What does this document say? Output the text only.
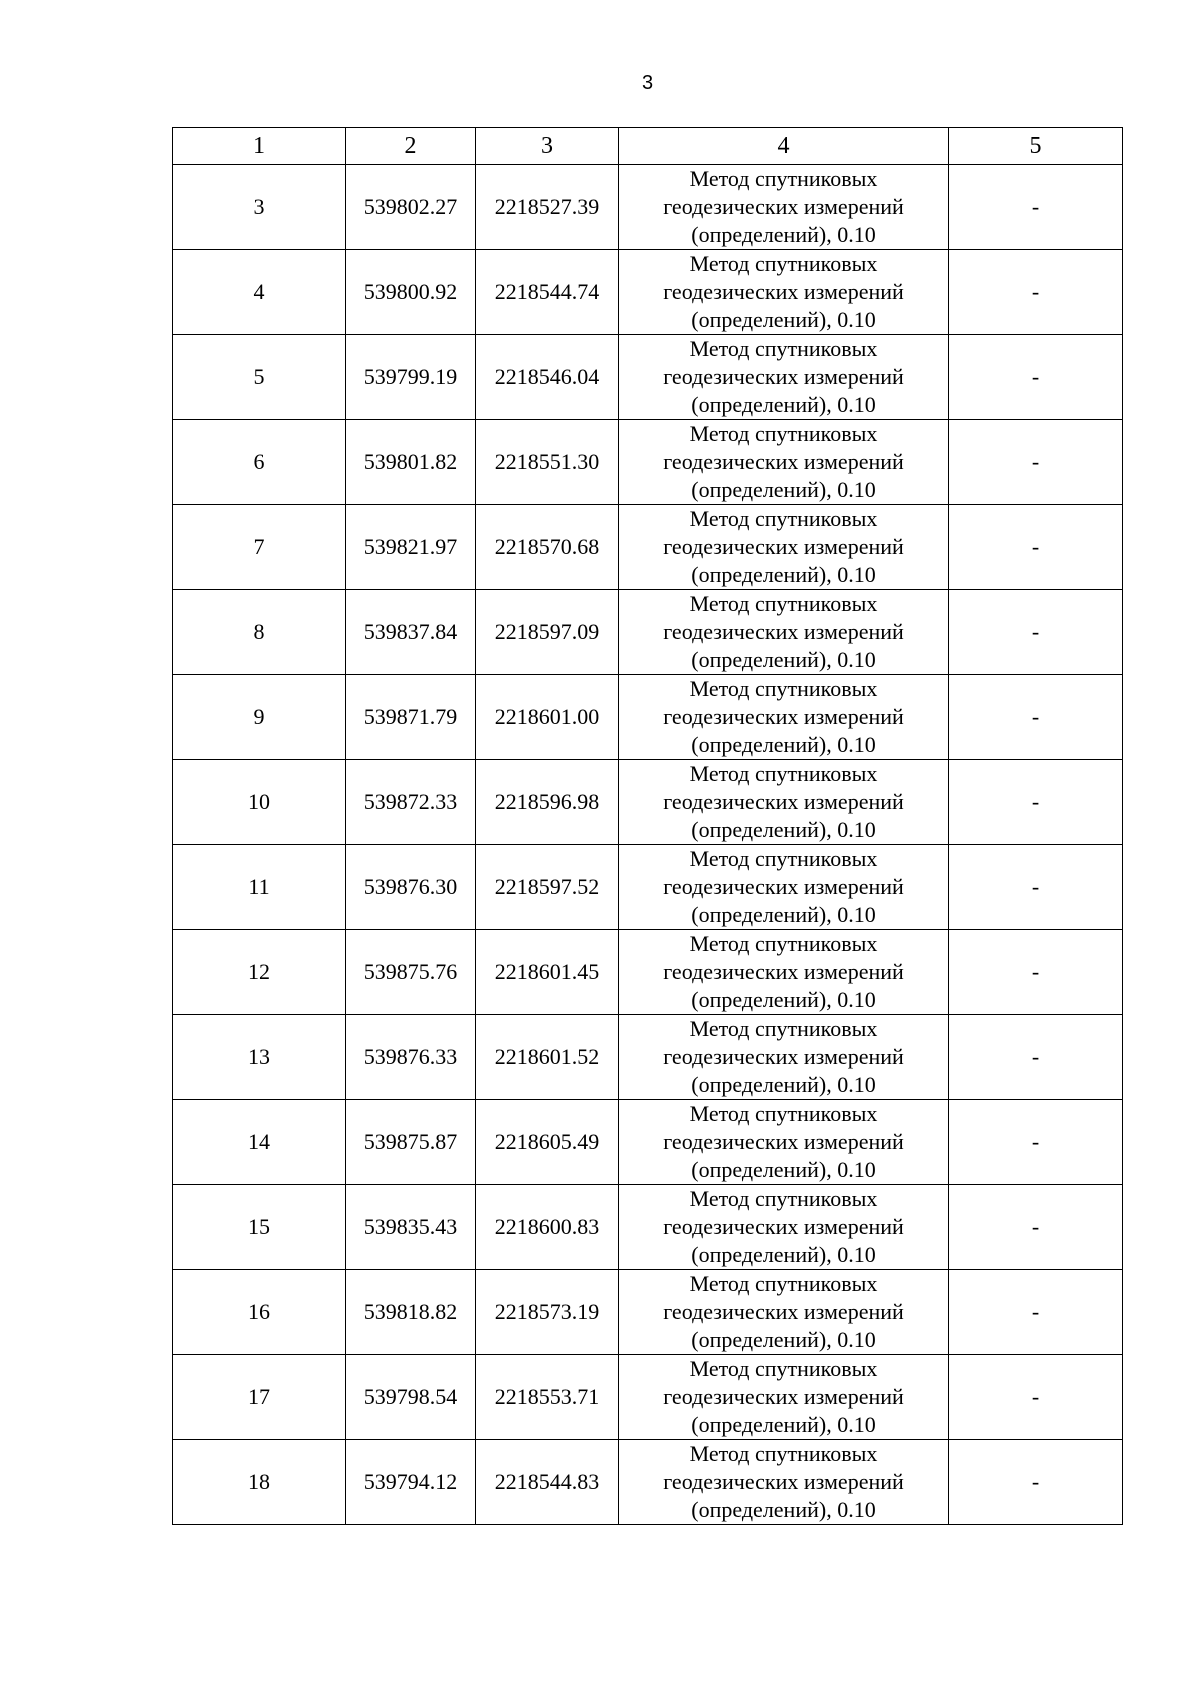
3
1	2	3	4	5
3	539802.27	2218527.39	Метод спутниковых геодезических измерений (определений), 0.10	-
4	539800.92	2218544.74	Метод спутниковых геодезических измерений (определений), 0.10	-
5	539799.19	2218546.04	Метод спутниковых геодезических измерений (определений), 0.10	-
6	539801.82	2218551.30	Метод спутниковых геодезических измерений (определений), 0.10	-
7	539821.97	2218570.68	Метод спутниковых геодезических измерений (определений), 0.10	-
8	539837.84	2218597.09	Метод спутниковых геодезических измерений (определений), 0.10	-
9	539871.79	2218601.00	Метод спутниковых геодезических измерений (определений), 0.10	-
10	539872.33	2218596.98	Метод спутниковых геодезических измерений (определений), 0.10	-
11	539876.30	2218597.52	Метод спутниковых геодезических измерений (определений), 0.10	-
12	539875.76	2218601.45	Метод спутниковых геодезических измерений (определений), 0.10	-
13	539876.33	2218601.52	Метод спутниковых геодезических измерений (определений), 0.10	-
14	539875.87	2218605.49	Метод спутниковых геодезических измерений (определений), 0.10	-
15	539835.43	2218600.83	Метод спутниковых геодезических измерений (определений), 0.10	-
16	539818.82	2218573.19	Метод спутниковых геодезических измерений (определений), 0.10	-
17	539798.54	2218553.71	Метод спутниковых геодезических измерений (определений), 0.10	-
18	539794.12	2218544.83	Метод спутниковых геодезических измерений (определений), 0.10	-
